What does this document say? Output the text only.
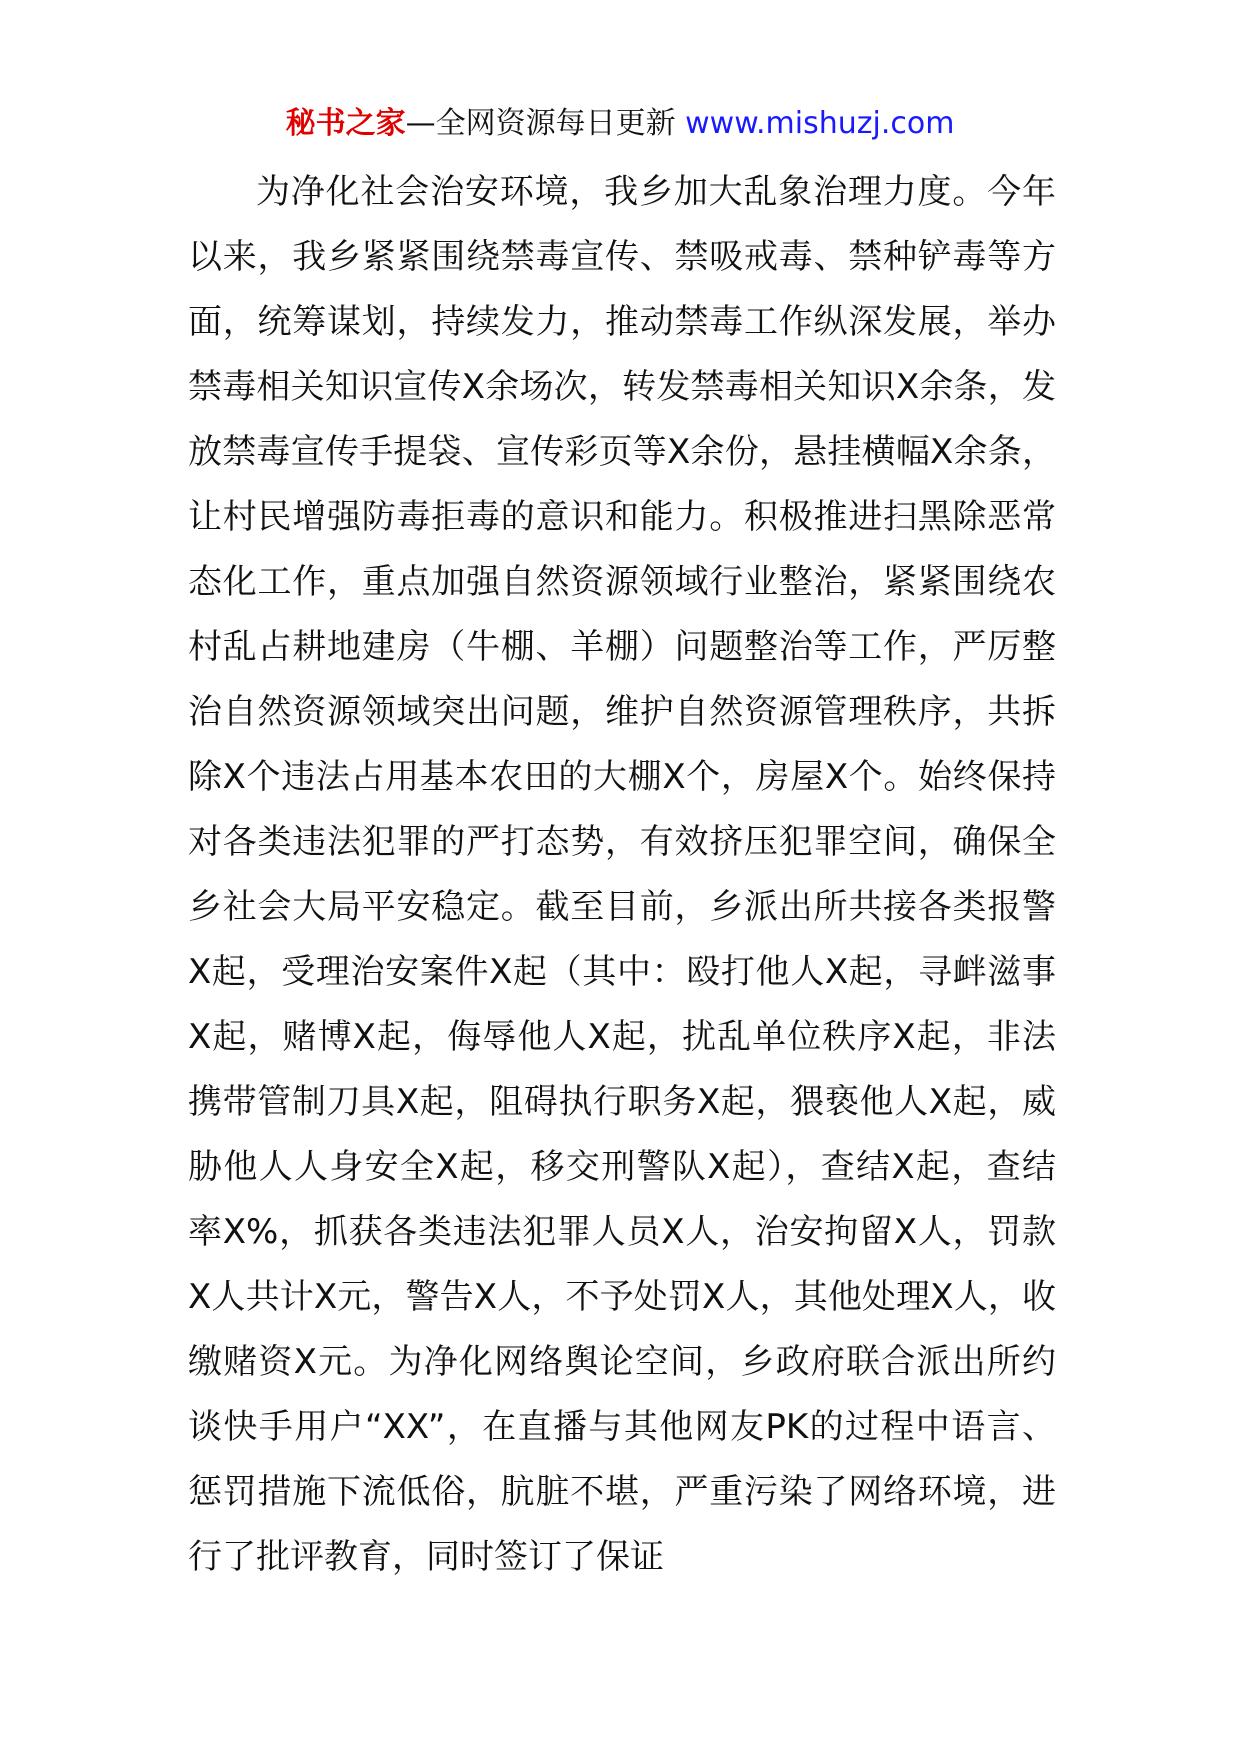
秘书之家—全网资源每日更新 www.mishuzj.com

为净化社会治安环境，我乡加大乱象治理力度。今年以来，我乡紧紧围绕禁毒宣传、禁吸戒毒、禁种铲毒等方面，统筹谋划，持续发力，推动禁毒工作纵深发展，举办禁毒相关知识宣传X余场次，转发禁毒相关知识X余条，发放禁毒宣传手提袋、宣传彩页等X余份，悬挂横幅X余条，让村民增强防毒拒毒的意识和能力。积极推进扫黑除恶常态化工作，重点加强自然资源领域行业整治，紧紧围绕农村乱占耕地建房（牛棚、羊棚）问题整治等工作，严厉整治自然资源领域突出问题，维护自然资源管理秩序，共拆除X个违法占用基本农田的大棚X个，房屋X个。始终保持对各类违法犯罪的严打态势，有效挤压犯罪空间，确保全乡社会大局平安稳定。截至目前，乡派出所共接各类报警X起，受理治安案件X起（其中：殴打他人X起，寻衅滋事X起，赌博X起，侮辱他人X起，扰乱单位秩序X起，非法携带管制刀具X起，阻碍执行职务X起，猥亵他人X起，威胁他人人身安全X起，移交刑警队X起），查结X起，查结率X%，抓获各类违法犯罪人员X人，治安拘留X人，罚款X人共计X元，警告X人，不予处罚X人，其他处理X人，收缴赌资X元。为净化网络舆论空间，乡政府联合派出所约谈快手用户“XX”，在直播与其他网友PK的过程中语言、惩罚措施下流低俗，肮脏不堪，严重污染了网络环境，进行了批评教育，同时签订了保证
